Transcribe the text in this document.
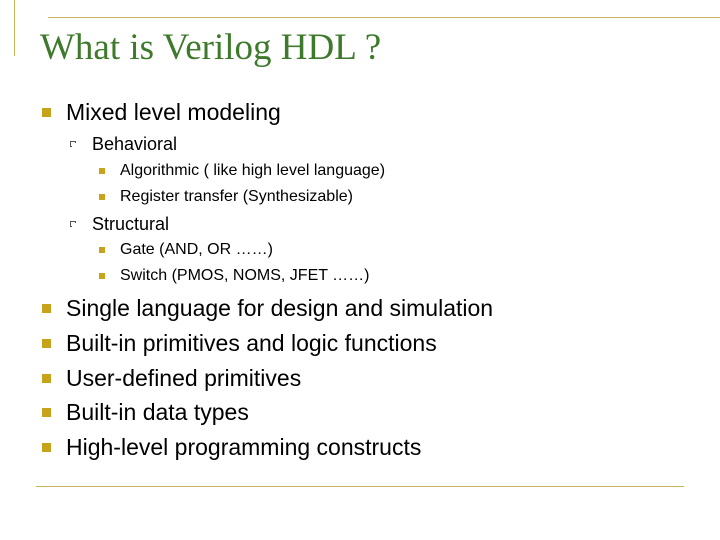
What is Verilog HDL ?
Mixed level modeling
Behavioral
Algorithmic ( like high level language)
Register transfer (Synthesizable)
Structural
Gate (AND, OR ……)
Switch (PMOS, NOMS, JFET ……)
Single language for design and simulation
Built-in primitives and logic functions
User-defined primitives
Built-in data types
High-level programming constructs
